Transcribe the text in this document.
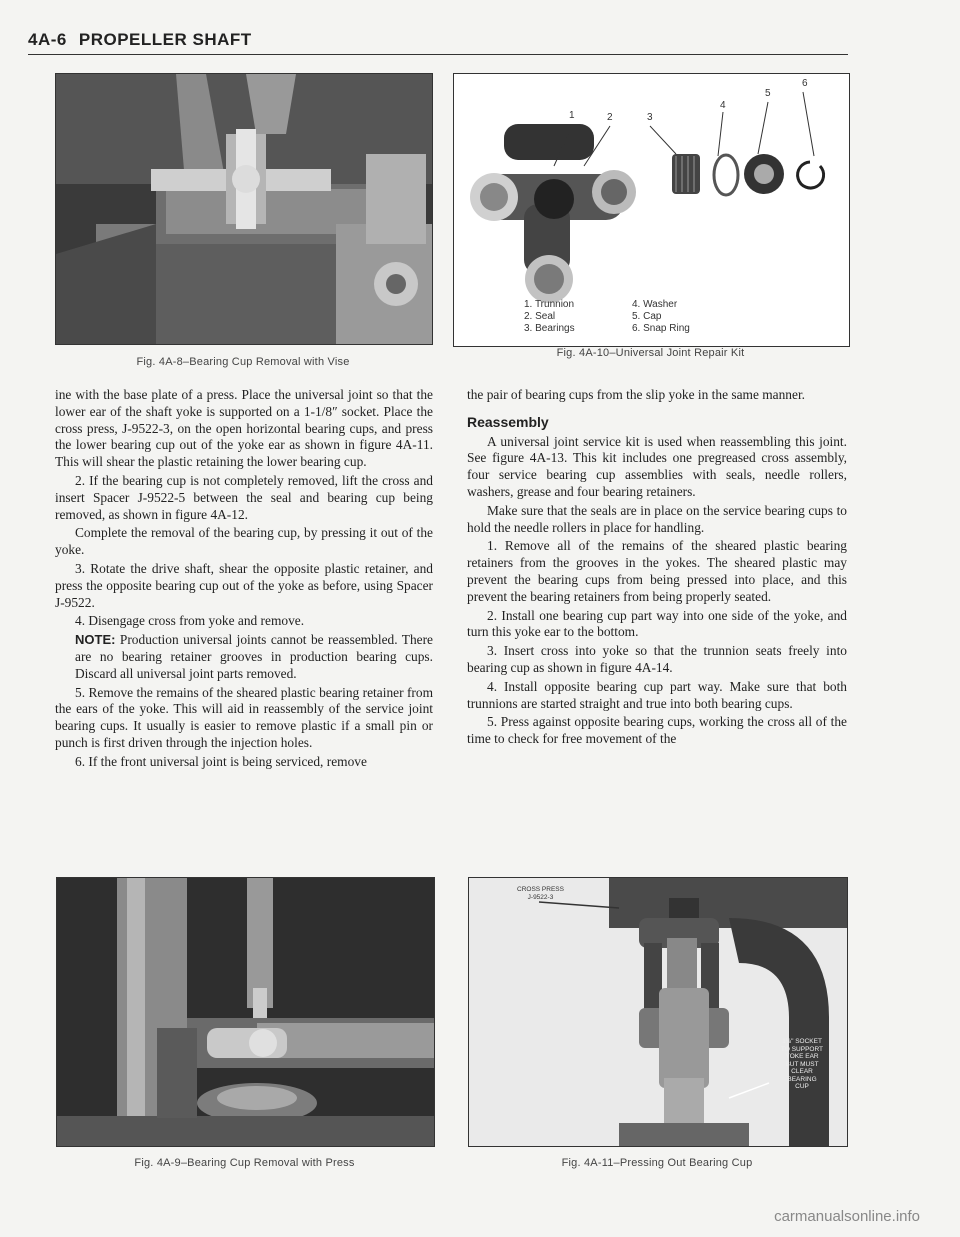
4A-6 PROPELLER SHAFT
Fig. 4A-8–Bearing Cup Removal with Vise
1	2	3
4
5
6
1. Trunnion
2. Seal
3. Bearings
4. Washer
5. Cap
6. Snap Ring
Fig. 4A-10–Universal Joint Repair Kit

ine with the base plate of a press. Place the universal joint so that the lower ear of the shaft yoke is supported on a 1-1/8″ socket. Place the cross press, J-9522-3, on the open horizontal bearing cups, and press the lower bearing cup out of the yoke ear as shown in figure 4A-11. This will shear the plastic retaining the lower bearing cup.

2. If the bearing cup is not completely removed, lift the cross and insert Spacer J-9522-5 between the seal and bearing cup being removed, as shown in figure 4A-12.

Complete the removal of the bearing cup, by pressing it out of the yoke.

3. Rotate the drive shaft, shear the opposite plastic retainer, and press the opposite bearing cup out of the yoke as before, using Spacer J-9522.

4. Disengage cross from yoke and remove.

NOTE: Production universal joints cannot be reassembled. There are no bearing retainer grooves in production bearing cups. Discard all universal joint parts removed.

5. Remove the remains of the sheared plastic bearing retainer from the ears of the yoke. This will aid in reassembly of the service joint bearing cups. It usually is easier to remove plastic if a small pin or punch is first driven through the injection holes.

6. If the front universal joint is being serviced, remove

the pair of bearing cups from the slip yoke in the same manner.

Reassembly

A universal joint service kit is used when reassembling this joint. See figure 4A-13. This kit includes one pregreased cross assembly, four service bearing cup assemblies with seals, needle rollers, washers, grease and four bearing retainers.

Make sure that the seals are in place on the service bearing cups to hold the needle rollers in place for handling.

1. Remove all of the remains of the sheared plastic bearing retainers from the grooves in the yokes. The sheared plastic may prevent the bearing cups from being pressed into place, and this prevent the bearing retainers from being properly seated.

2. Install one bearing cup part way into one side of the yoke, and turn this yoke ear to the bottom.

3. Insert cross into yoke so that the trunnion seats freely into bearing cup as shown in figure 4A-14.

4. Install opposite bearing cup part way. Make sure that both trunnions are started straight and true into both bearing cups.

5. Press against opposite bearing cups, working the cross all of the time to check for free movement of the

Fig. 4A-9–Bearing Cup Removal with Press
CROSS PRESS
J-9522-3
1⅛" SOCKET
TO SUPPORT
YOKE EAR
BUT MUST
CLEAR
BEARING
CUP
Fig. 4A-11–Pressing Out Bearing Cup
carmanualsonline.info
